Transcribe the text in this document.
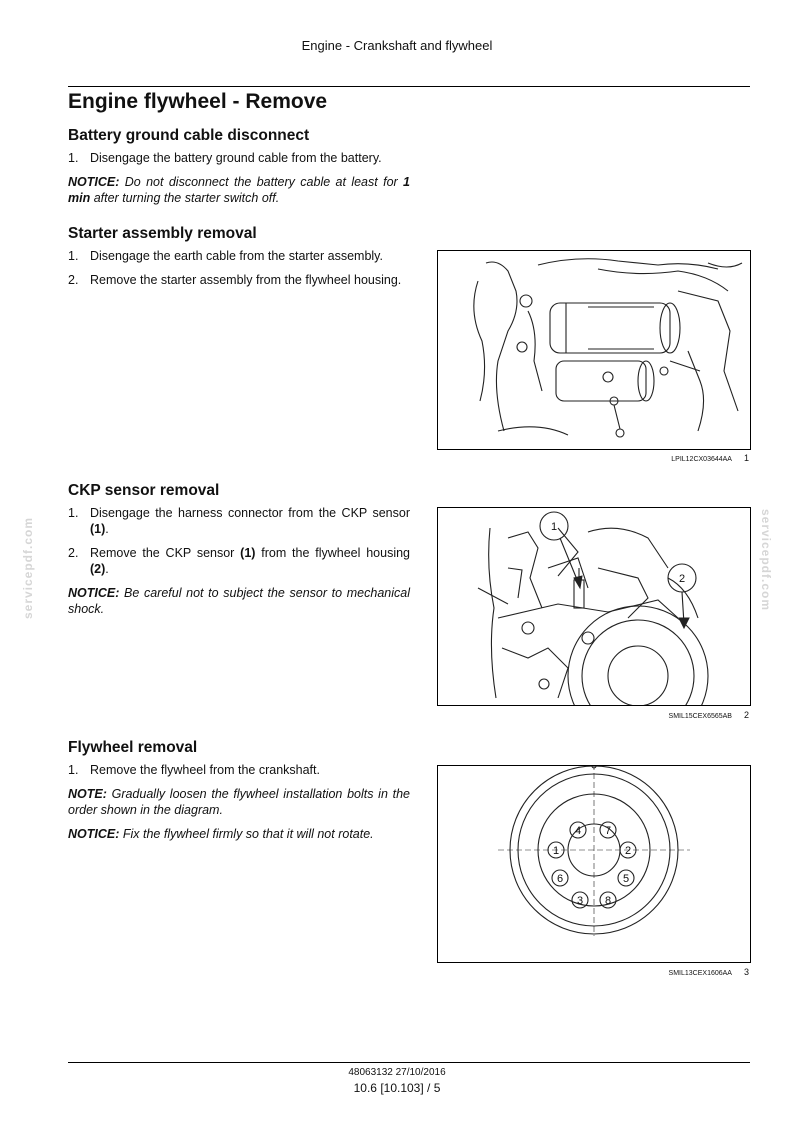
Engine - Crankshaft and flywheel
Engine flywheel - Remove
Battery ground cable disconnect
1. Disengage the battery ground cable from the battery.
NOTICE: Do not disconnect the battery cable at least for 1 min after turning the starter switch off.
Starter assembly removal
1. Disengage the earth cable from the starter assembly.
2. Remove the starter assembly from the flywheel housing.
LPIL12CX03644AA 1
CKP sensor removal
1. Disengage the harness connector from the CKP sensor (1).
2. Remove the CKP sensor (1) from the flywheel housing (2).
NOTICE: Be careful not to subject the sensor to mechanical shock.
1
2
SMIL15CEX6565AB 2
Flywheel removal
1. Remove the flywheel from the crankshaft.
NOTE: Gradually loosen the flywheel installation bolts in the order shown in the diagram.
NOTICE: Fix the flywheel firmly so that it will not rotate.
1	2
3
4
5
6
7
8
SMIL13CEX1606AA 3
servicepdf.com	servicepdf.com
48063132 27/10/2016
10.6 [10.103] / 5
